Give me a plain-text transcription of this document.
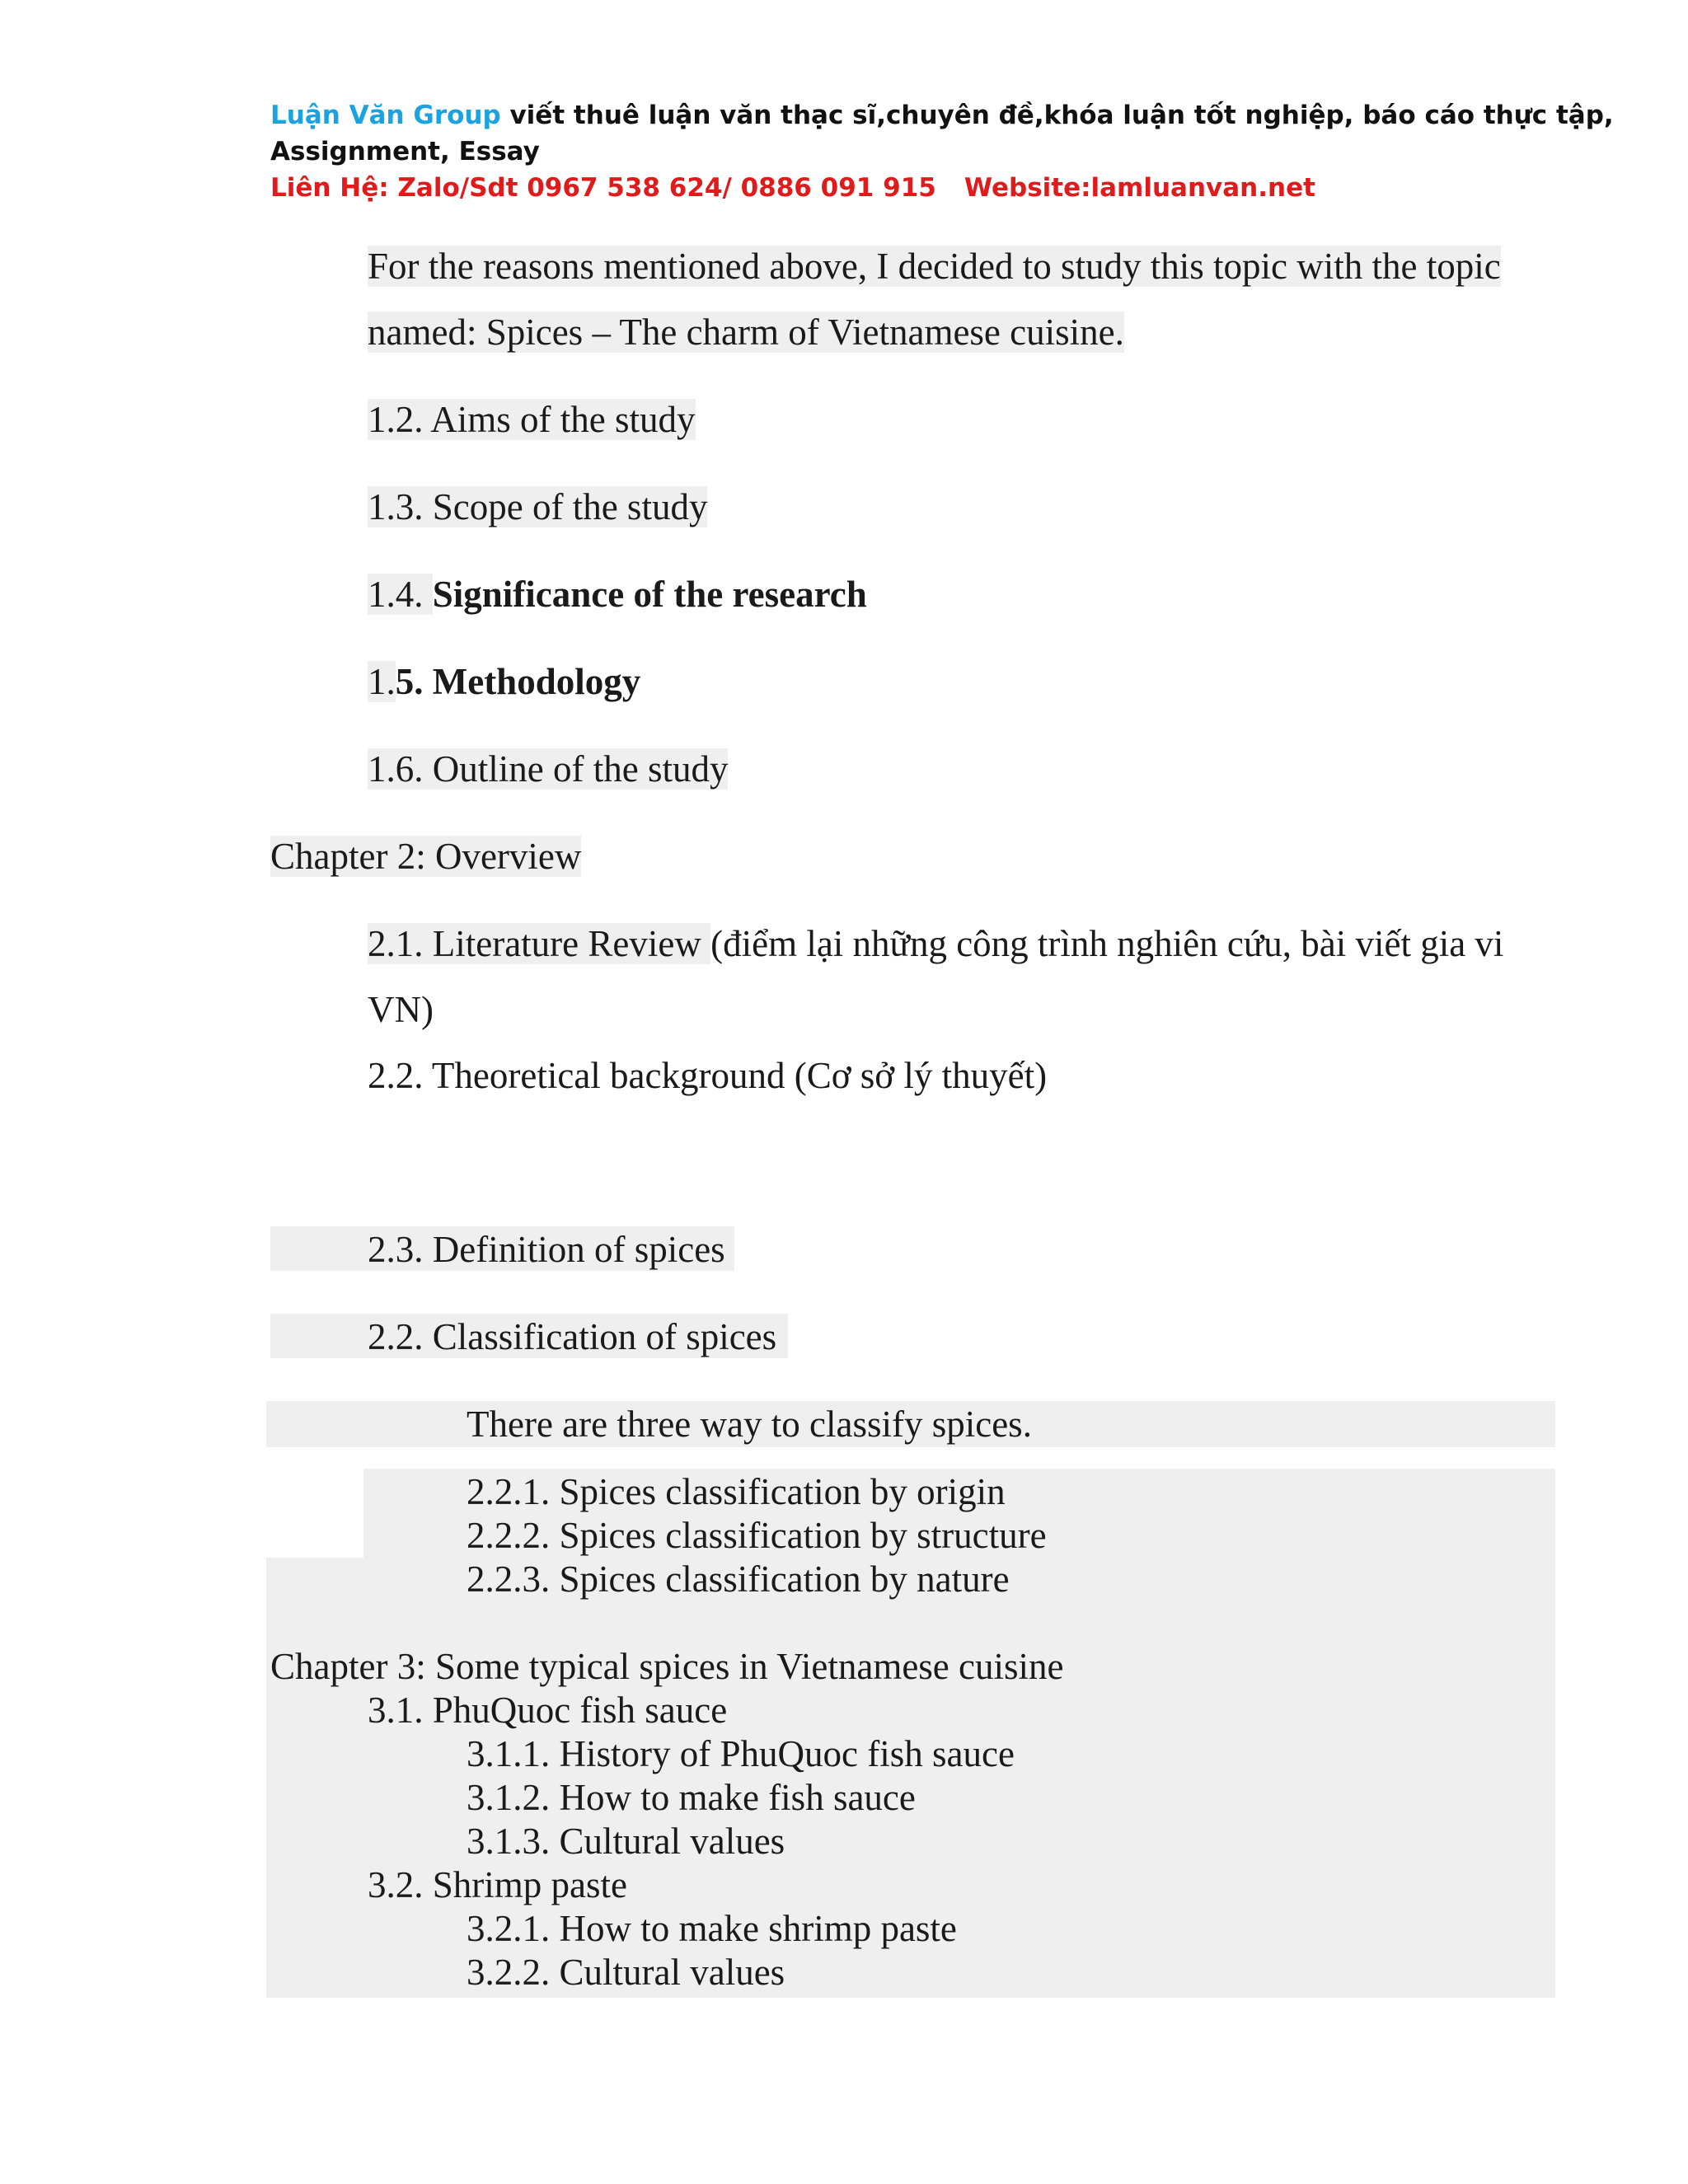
Luận Văn Group viết thuê luận văn thạc sĩ,chuyên đề,khóa luận tốt nghiệp, báo cáo thực tập,
Assignment, Essay
Liên Hệ: Zalo/Sdt 0967 538 624/ 0886 091 915 Website:lamluanvan.net
For the reasons mentioned above, I decided to study this topic with the topic
named: Spices – The charm of Vietnamese cuisine.
1.2. Aims of the study
1.3. Scope of the study
1.4. Significance of the research
1.5. Methodology
1.6. Outline of the study
Chapter 2: Overview
2.1. Literature Review (điểm lại những công trình nghiên cứu, bài viết gia vi
VN)
2.2. Theoretical background (Cơ sở lý thuyết)
2.3. Definition of spices
2.2. Classification of spices
There are three way to classify spices.
2.2.1. Spices classification by origin
2.2.2. Spices classification by structure
2.2.3. Spices classification by nature
Chapter 3: Some typical spices in Vietnamese cuisine
3.1. PhuQuoc fish sauce
3.1.1. History of PhuQuoc fish sauce
3.1.2. How to make fish sauce
3.1.3. Cultural values
3.2. Shrimp paste
3.2.1. How to make shrimp paste
3.2.2. Cultural values
